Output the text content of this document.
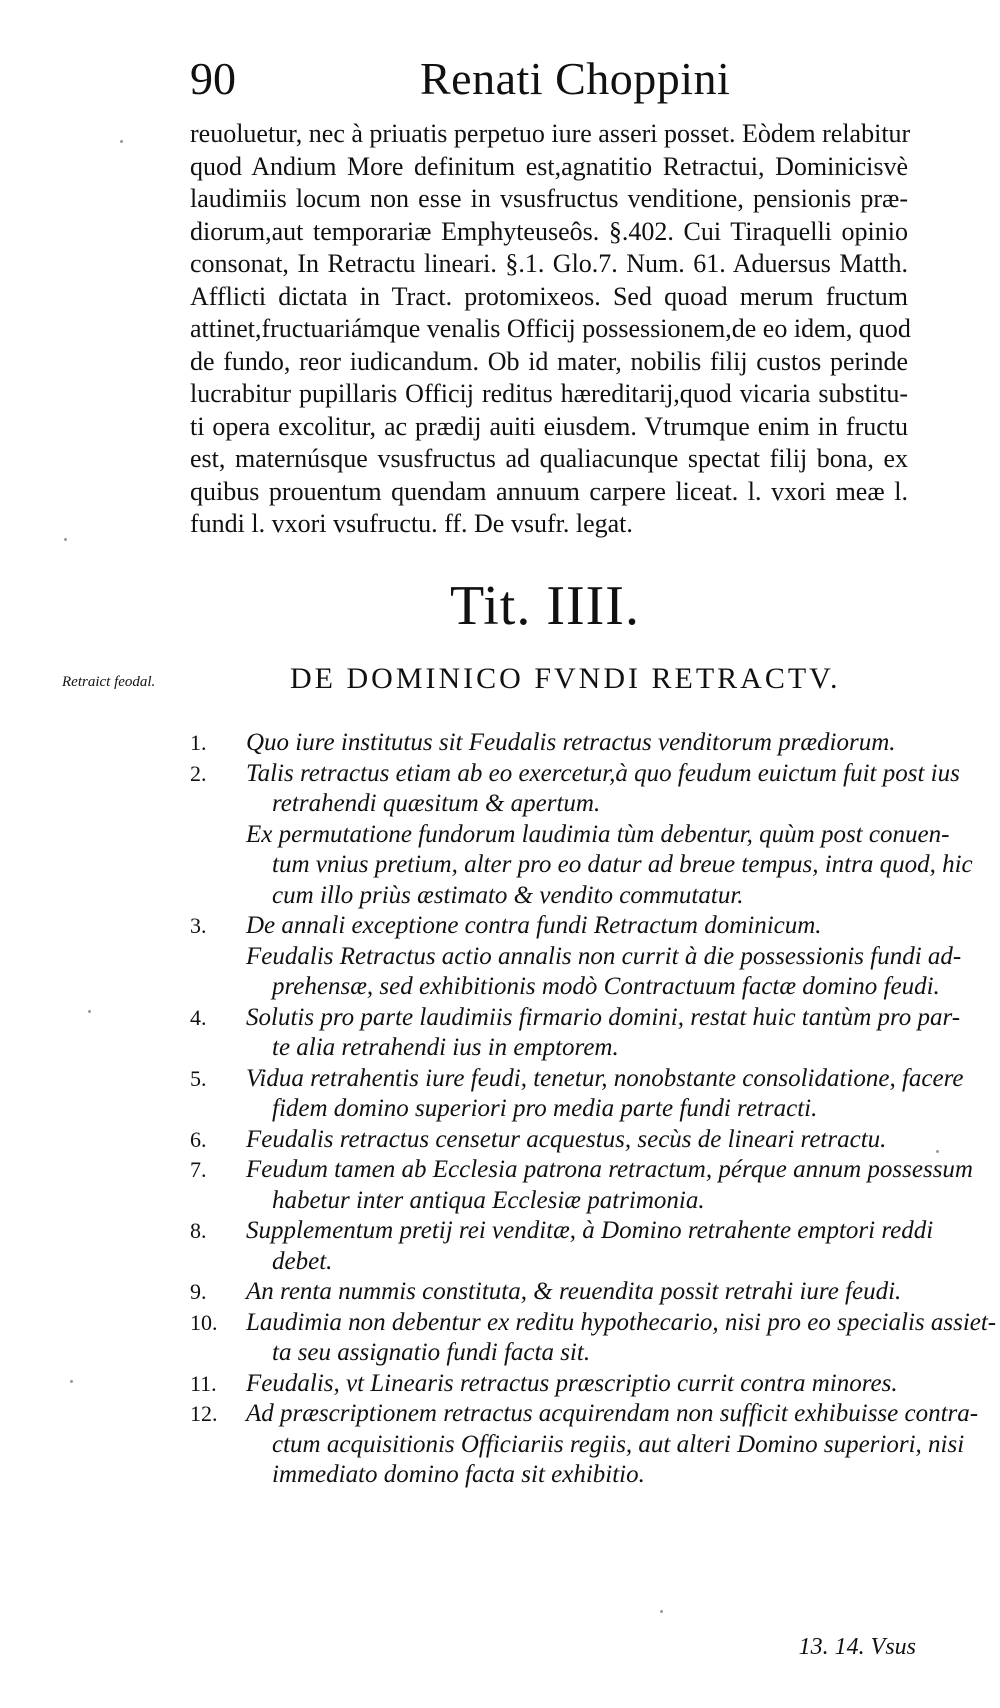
90	Renati Choppini
reuoluetur, nec à priuatis perpetuo iure asseri posset. Eòdem relabitur
quod Andium More definitum est,agnatitio Retractui, Dominicisvè
laudimiis locum non esse in vsusfructus venditione, pensionis præ-
diorum,aut temporariæ Emphyteuseôs. §.402. Cui Tiraquelli opinio
consonat, In Retractu lineari. §.1. Glo.7. Num. 61. Aduersus Matth.
Afflicti dictata in Tract. protomixeos. Sed quoad merum fructum
attinet,fructuariámque venalis Officij possessionem,de eo idem, quod
de fundo, reor iudicandum. Ob id mater, nobilis filij custos perinde
lucrabitur pupillaris Officij reditus hæreditarij,quod vicaria substitu-
ti opera excolitur, ac prædij auiti eiusdem. Vtrumque enim in fructu
est, maternúsque vsusfructus ad qualiacunque spectat filij bona, ex
quibus prouentum quendam annuum carpere liceat. l. vxori meæ l.
fundi l. vxori vsufructu. ff. De vsufr. legat.
Tit. IIII.
Retraict feodal.	DE DOMINICO FVNDI RETRACTV.
1. Quo iure institutus sit Feudalis retractus venditorum prædiorum.
2. Talis retractus etiam ab eo exercetur,à quo feudum euictum fuit post ius
retrahendi quæsitum & apertum.
Ex permutatione fundorum laudimia tùm debentur, quùm post conuen-
tum vnius pretium, alter pro eo datur ad breue tempus, intra quod, hic
cum illo priùs æstimato & vendito commutatur.
3. De annali exceptione contra fundi Retractum dominicum.
Feudalis Retractus actio annalis non currit à die possessionis fundi ad-
prehensæ, sed exhibitionis modò Contractuum factæ domino feudi.
4. Solutis pro parte laudimiis firmario domini, restat huic tantùm pro par-
te alia retrahendi ius in emptorem.
5. Vidua retrahentis iure feudi, tenetur, nonobstante consolidatione, facere
fidem domino superiori pro media parte fundi retracti.
6. Feudalis retractus censetur acquestus, secùs de lineari retractu.
7. Feudum tamen ab Ecclesia patrona retractum, pérque annum possessum
habetur inter antiqua Ecclesiæ patrimonia.
8. Supplementum pretij rei venditæ, à Domino retrahente emptori reddi
debet.
9. An renta nummis constituta, & reuendita possit retrahi iure feudi.
10. Laudimia non debentur ex reditu hypothecario, nisi pro eo specialis assiet-
ta seu assignatio fundi facta sit.
11. Feudalis, vt Linearis retractus præscriptio currit contra minores.
12. Ad præscriptionem retractus acquirendam non sufficit exhibuisse contra-
ctum acquisitionis Officiariis regiis, aut alteri Domino superiori, nisi
immediato domino facta sit exhibitio.
13. 14. Vsus
